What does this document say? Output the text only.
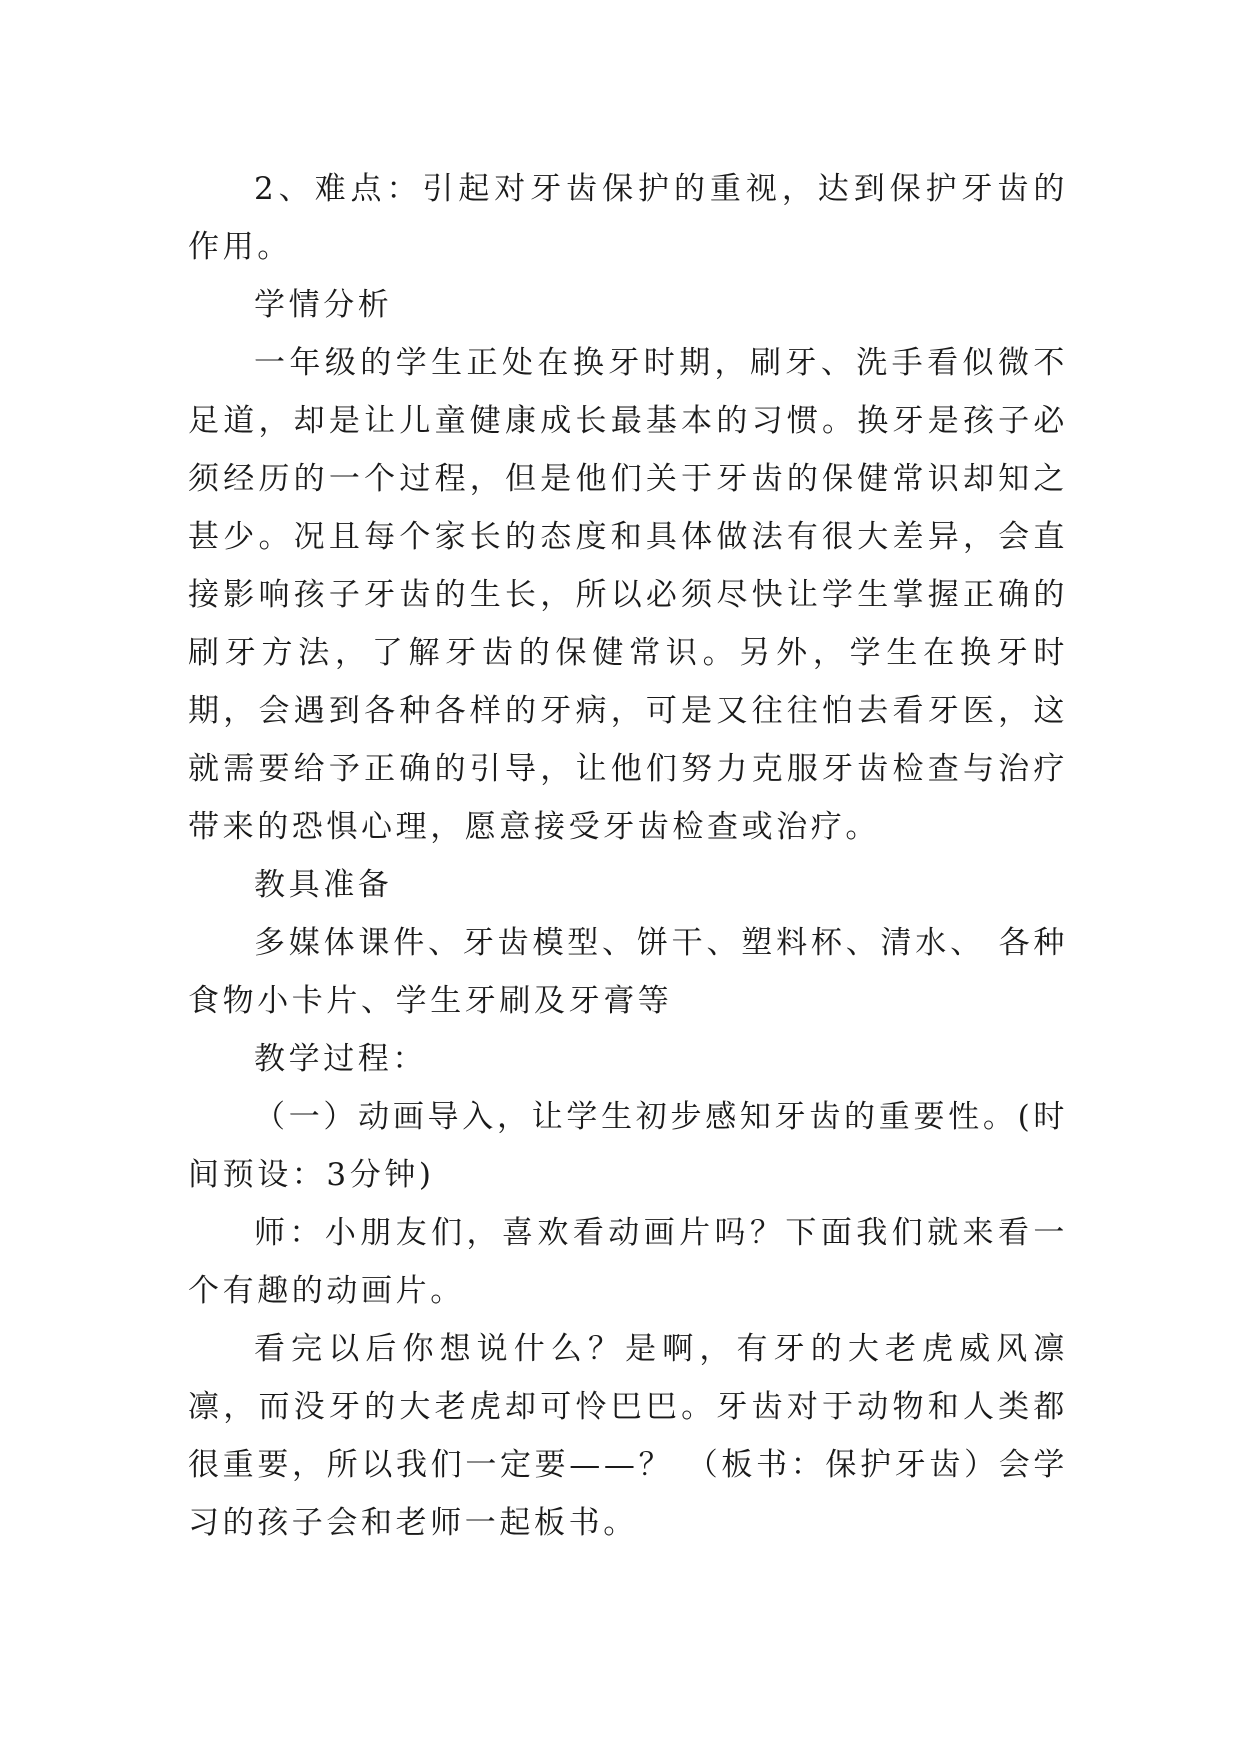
2、难点：引起对牙齿保护的重视，达到保护牙齿的作用。

学情分析

一年级的学生正处在换牙时期，刷牙、洗手看似微不足道，却是让儿童健康成长最基本的习惯。换牙是孩子必须经历的一个过程，但是他们关于牙齿的保健常识却知之甚少。况且每个家长的态度和具体做法有很大差异，会直接影响孩子牙齿的生长，所以必须尽快让学生掌握正确的刷牙方法，了解牙齿的保健常识。另外，学生在换牙时期，会遇到各种各样的牙病，可是又往往怕去看牙医，这就需要给予正确的引导，让他们努力克服牙齿检查与治疗带来的恐惧心理，愿意接受牙齿检查或治疗。

教具准备

多媒体课件、牙齿模型、饼干、塑料杯、清水、 各种食物小卡片、学生牙刷及牙膏等

教学过程：

（一）动画导入，让学生初步感知牙齿的重要性。(时间预设：3分钟)

师：小朋友们，喜欢看动画片吗？下面我们就来看一个有趣的动画片。

看完以后你想说什么？是啊，有牙的大老虎威风凛凛，而没牙的大老虎却可怜巴巴。牙齿对于动物和人类都很重要，所以我们一定要——？ （板书：保护牙齿）会学习的孩子会和老师一起板书。
